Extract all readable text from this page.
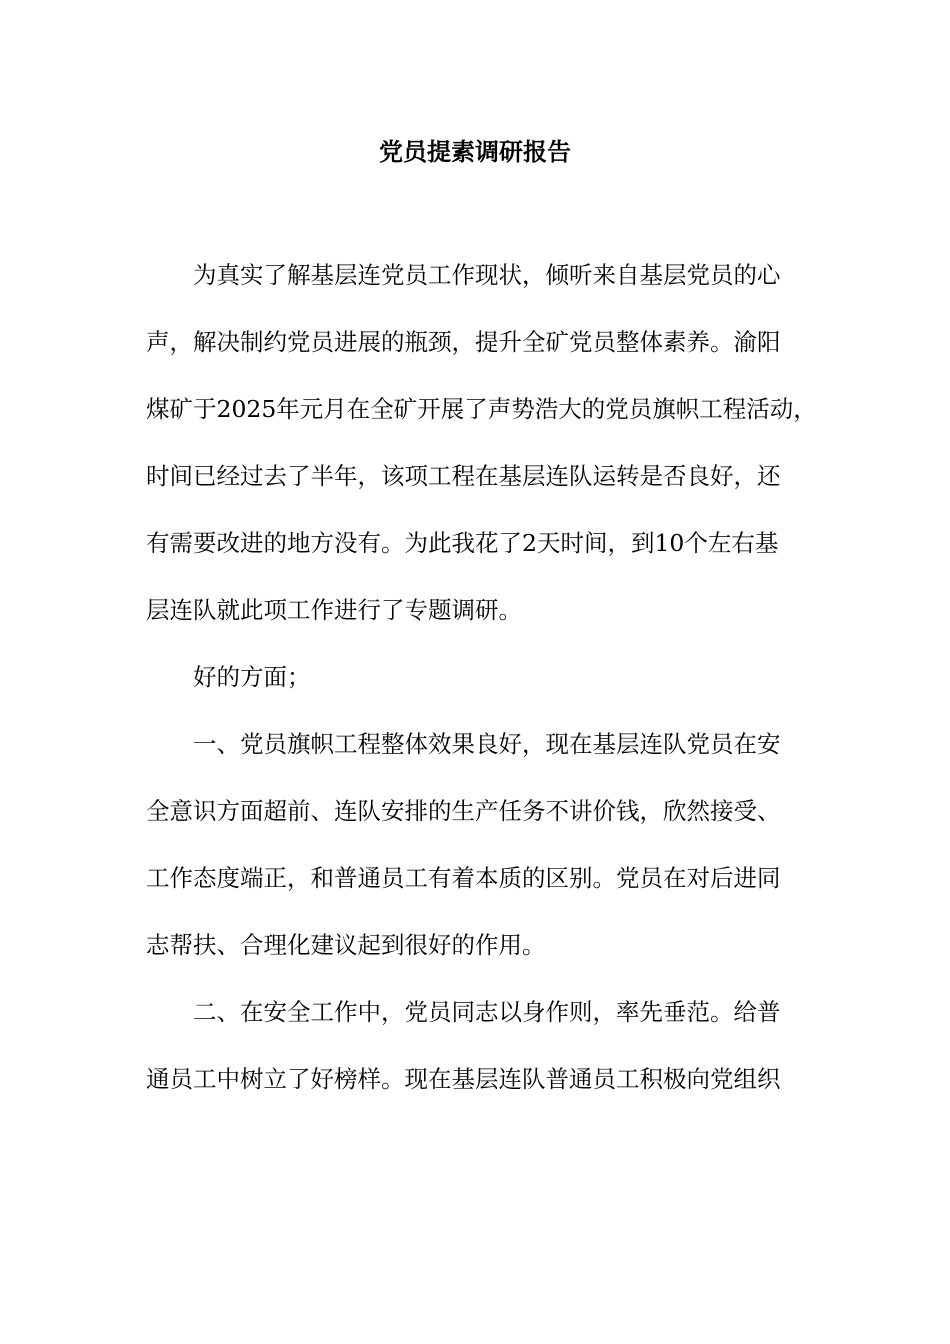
党员提素调研报告
　　为真实了解基层连党员工作现状，倾听来自基层党员的心
声，解决制约党员进展的瓶颈，提升全矿党员整体素养。渝阳
煤矿于2025年元月在全矿开展了声势浩大的党员旗帜工程活动，
时间已经过去了半年，该项工程在基层连队运转是否良好，还
有需要改进的地方没有。为此我花了2天时间，到10个左右基
层连队就此项工作进行了专题调研。
　　好的方面；
　　一、党员旗帜工程整体效果良好，现在基层连队党员在安
全意识方面超前、连队安排的生产任务不讲价钱，欣然接受、
工作态度端正，和普通员工有着本质的区别。党员在对后进同
志帮扶、合理化建议起到很好的作用。
　　二、在安全工作中，党员同志以身作则，率先垂范。给普
通员工中树立了好榜样。现在基层连队普通员工积极向党组织
